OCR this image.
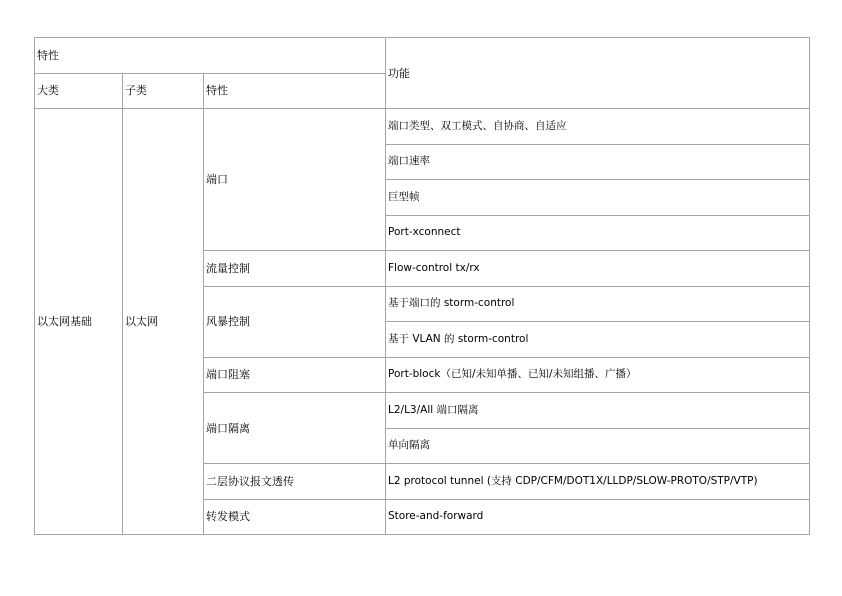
特性			功能
大类	子类	特性	
以太网基础	以太网	端口	端口类型、双工模式、自协商、自适应
			端口速率
			巨型帧
			Port-xconnect
		流量控制	Flow-control tx/rx
		风暴控制	基于端口的 storm-control
			基于 VLAN 的 storm-control
		端口阻塞	Port-block（已知/未知单播、已知/未知组播、广播）
		端口隔离	L2/L3/All 端口隔离
			单向隔离
		二层协议报文透传	L2 protocol tunnel (支持 CDP/CFM/DOT1X/LLDP/SLOW-PROTO/STP/VTP)
		转发模式	Store-and-forward
